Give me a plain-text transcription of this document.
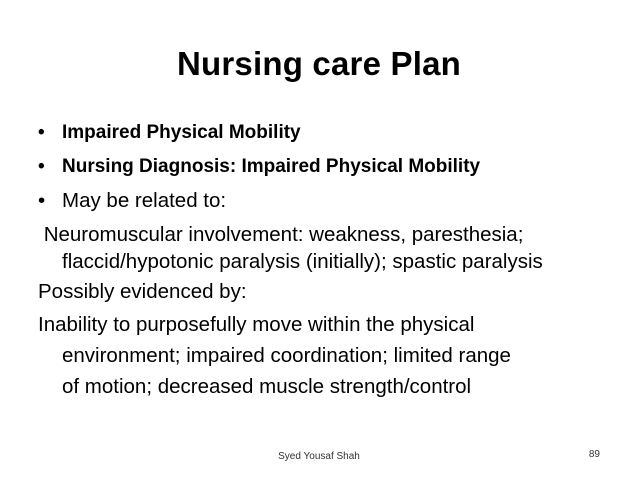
Nursing care Plan
• Impaired Physical Mobility
• Nursing Diagnosis: Impaired Physical Mobility
• May be related to:
Neuromuscular involvement: weakness, paresthesia;
flaccid/hypotonic paralysis (initially); spastic paralysis
Possibly evidenced by:
Inability to purposefully move within the physical
environment; impaired coordination; limited range
of motion; decreased muscle strength/control
Syed Yousaf Shah	89
